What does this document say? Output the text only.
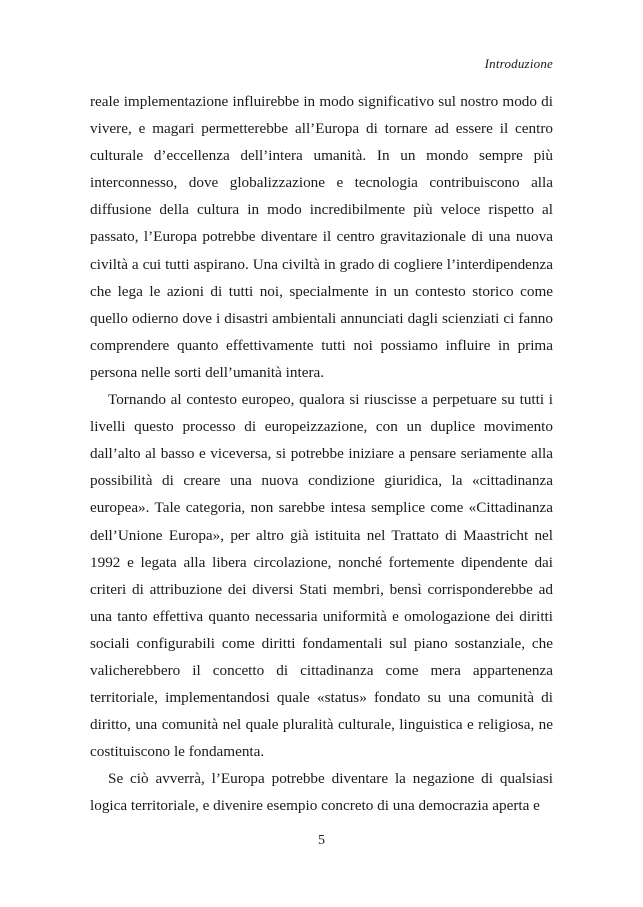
Introduzione

reale implementazione influirebbe in modo significativo sul nostro modo di vivere, e magari permetterebbe all’Europa di tornare ad essere il centro culturale d’eccellenza dell’intera umanità. In un mondo sempre più interconnesso, dove globalizzazione e tecnologia contribuiscono alla diffusione della cultura in modo incredibilmente più veloce rispetto al passato, l’Europa potrebbe diventare il centro gravitazionale di una nuova civiltà a cui tutti aspirano. Una civiltà in grado di cogliere l’interdipendenza che lega le azioni di tutti noi, specialmente in un contesto storico come quello odierno dove i disastri ambientali annunciati dagli scienziati ci fanno comprendere quanto effettivamente tutti noi possiamo influire in prima persona nelle sorti dell’umanità intera.

Tornando al contesto europeo, qualora si riuscisse a perpetuare su tutti i livelli questo processo di europeizzazione, con un duplice movimento dall’alto al basso e viceversa, si potrebbe iniziare a pensare seriamente alla possibilità di creare una nuova condizione giuridica, la «cittadinanza europea». Tale categoria, non sarebbe intesa semplice come «Cittadinanza dell’Unione Europa», per altro già istituita nel Trattato di Maastricht nel 1992 e legata alla libera circolazione, nonché fortemente dipendente dai criteri di attribuzione dei diversi Stati membri, bensì corrisponderebbe ad una tanto effettiva quanto necessaria uniformità e omologazione dei diritti sociali configurabili come diritti fondamentali sul piano sostanziale, che valicherebbero il concetto di cittadinanza come mera appartenenza territoriale, implementandosi quale «status» fondato su una comunità di diritto, una comunità nel quale pluralità culturale, linguistica e religiosa, ne costituiscono le fondamenta.

Se ciò avverrà, l’Europa potrebbe diventare la negazione di qualsiasi logica territoriale, e divenire esempio concreto di una democrazia aperta e

5
